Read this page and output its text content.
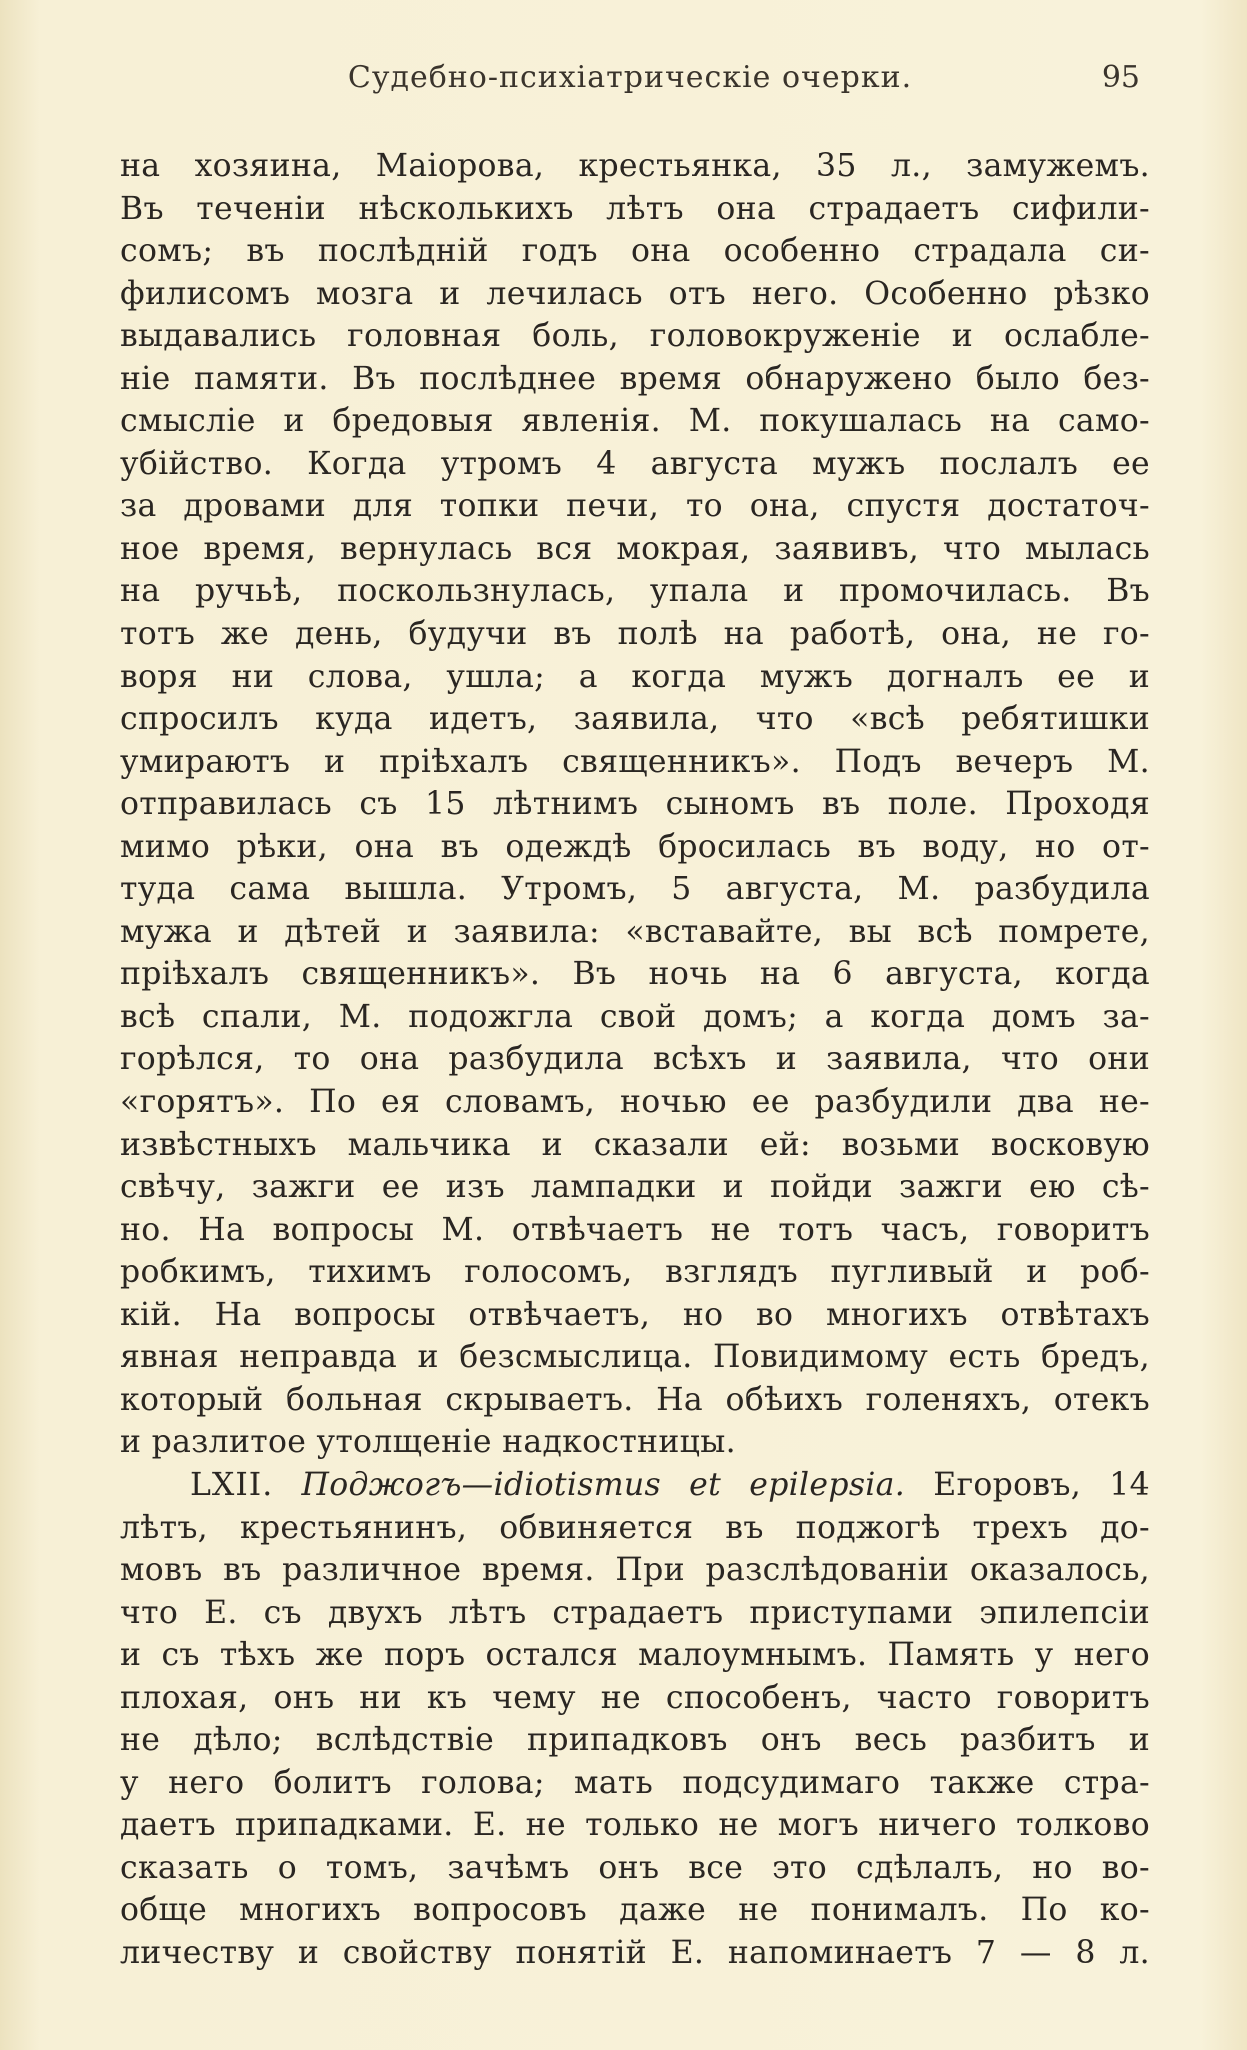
Судебно-психіатрическіе очерки.	95
на хозяина, Маіорова, крестьянка, 35 л., замужемъ.
Въ теченіи нѣсколькихъ лѣтъ она страдаетъ сифили-
сомъ; въ послѣдній годъ она особенно страдала си-
филисомъ мозга и лечилась отъ него. Особенно рѣзко
выдавались головная боль, головокруженіе и ослабле-
ніе памяти. Въ послѣднее время обнаружено было без-
смысліе и бредовыя явленія. М. покушалась на само-
убійство. Когда утромъ 4 августа мужъ послалъ ее
за дровами для топки печи, то она, спустя достаточ-
ное время, вернулась вся мокрая, заявивъ, что мылась
на ручьѣ, поскользнулась, упала и промочилась. Въ
тотъ же день, будучи въ полѣ на работѣ, она, не го-
воря ни слова, ушла; а когда мужъ догналъ ее и
спросилъ куда идетъ, заявила, что «всѣ ребятишки
умираютъ и пріѣхалъ священникъ». Подъ вечеръ М.
отправилась съ 15 лѣтнимъ сыномъ въ поле. Проходя
мимо рѣки, она въ одеждѣ бросилась въ воду, но от-
туда сама вышла. Утромъ, 5 августа, М. разбудила
мужа и дѣтей и заявила: «вставайте, вы всѣ помрете,
пріѣхалъ священникъ». Въ ночь на 6 августа, когда
всѣ спали, М. подожгла свой домъ; а когда домъ за-
горѣлся, то она разбудила всѣхъ и заявила, что они
«горятъ». По ея словамъ, ночью ее разбудили два не-
извѣстныхъ мальчика и сказали ей: возьми восковую
свѣчу, зажги ее изъ лампадки и пойди зажги ею сѣ-
но. На вопросы М. отвѣчаетъ не тотъ часъ, говоритъ
робкимъ, тихимъ голосомъ, взглядъ пугливый и роб-
кій. На вопросы отвѣчаетъ, но во многихъ отвѣтахъ
явная неправда и безсмыслица. Повидимому есть бредъ,
который больная скрываетъ. На обѣихъ голеняхъ, отекъ
и разлитое утолщеніе надкостницы.
LXII. Поджогъ—idiotismus et epilepsia. Егоровъ, 14
лѣтъ, крестьянинъ, обвиняется въ поджогѣ трехъ до-
мовъ въ различное время. При разслѣдованіи оказалось,
что Е. съ двухъ лѣтъ страдаетъ приступами эпилепсіи
и съ тѣхъ же поръ остался малоумнымъ. Память у него
плохая, онъ ни къ чему не способенъ, часто говоритъ
не дѣло; вслѣдствіе припадковъ онъ весь разбитъ и
у него болитъ голова; мать подсудимаго также стра-
даетъ припадками. Е. не только не могъ ничего толково
сказать о томъ, зачѣмъ онъ все это сдѣлалъ, но во-
обще многихъ вопросовъ даже не понималъ. По ко-
личеству и свойству понятій Е. напоминаетъ 7 — 8 л.
